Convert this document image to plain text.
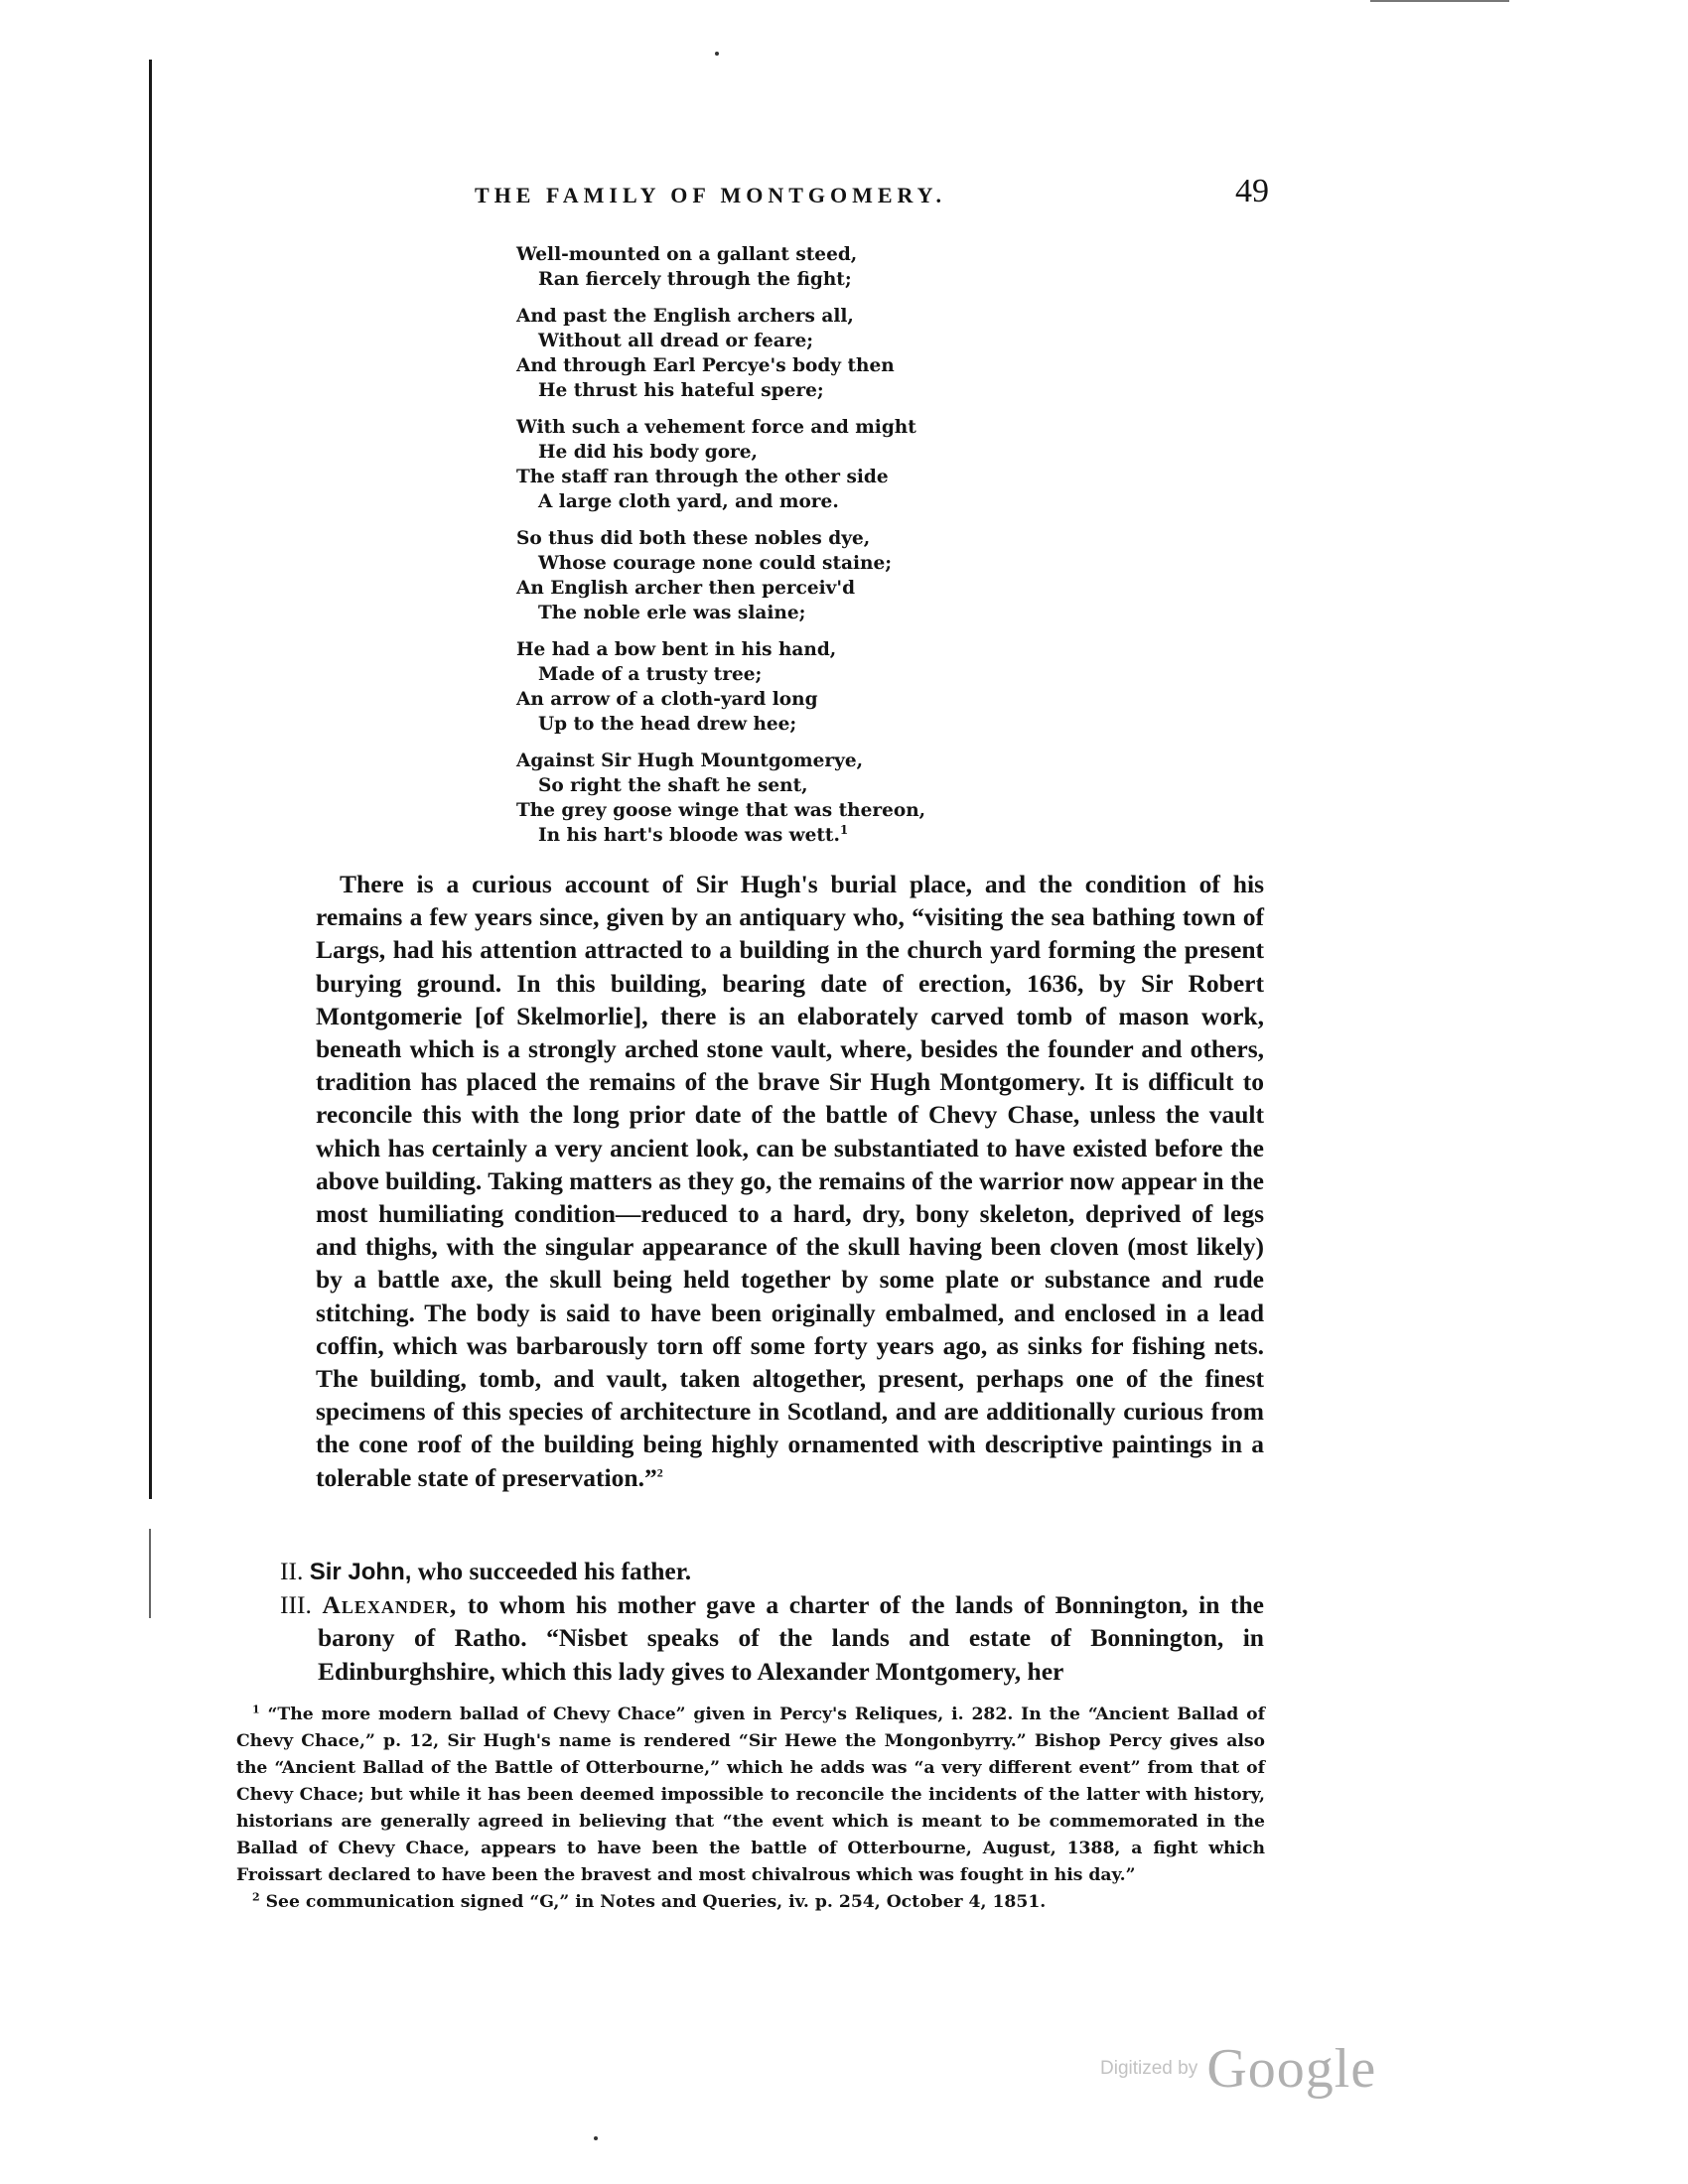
THE FAMILY OF MONTGOMERY.	49
Well-mounted on a gallant steed,
Ran fiercely through the fight;
And past the English archers all,
Without all dread or feare;
And through Earl Percye's body then
He thrust his hateful spere;
With such a vehement force and might
He did his body gore,
The staff ran through the other side
A large cloth yard, and more.
So thus did both these nobles dye,
Whose courage none could staine;
An English archer then perceiv'd
The noble erle was slaine;
He had a bow bent in his hand,
Made of a trusty tree;
An arrow of a cloth-yard long
Up to the head drew hee;
Against Sir Hugh Mountgomerye,
So right the shaft he sent,
The grey goose winge that was thereon,
In his hart's bloode was wett.$^1$

There is a curious account of Sir Hugh's burial place, and the condition of his remains a few years since, given by an antiquary who, “visiting the sea bathing town of Largs, had his attention attracted to a building in the church yard forming the present burying ground. In this building, bearing date of erection, 1636, by Sir Robert Montgomerie [of Skelmorlie], there is an elaborately carved tomb of mason work, beneath which is a strongly arched stone vault, where, besides the founder and others, tradition has placed the remains of the brave Sir Hugh Montgomery. It is difficult to reconcile this with the long prior date of the battle of Chevy Chase, unless the vault which has certainly a very ancient look, can be substantiated to have existed before the above building. Taking matters as they go, the remains of the warrior now appear in the most humiliating condition—reduced to a hard, dry, bony skeleton, deprived of legs and thighs, with the singular appearance of the skull having been cloven (most likely) by a battle axe, the skull being held together by some plate or substance and rude stitching. The body is said to have been originally embalmed, and enclosed in a lead coffin, which was barbarously torn off some forty years ago, as sinks for fishing nets. The building, tomb, and vault, taken altogether, present, perhaps one of the finest specimens of this species of architecture in Scotland, and are additionally curious from the cone roof of the building being highly ornamented with descriptive paintings in a tolerable state of preservation.”$^2$

II. Sir John, who succeeded his father.
III. Alexander, to whom his mother gave a charter of the lands of Bonnington, in the barony of Ratho. “Nisbet speaks of the lands and estate of Bonnington, in Edinburghshire, which this lady gives to Alexander Montgomery, her

$^1$ “The more modern ballad of Chevy Chace” given in Percy's Reliques, i. 282. In the “Ancient Ballad of Chevy Chace,” p. 12, Sir Hugh's name is rendered “Sir Hewe the Mongonbyrry.” Bishop Percy gives also the “Ancient Ballad of the Battle of Otterbourne,” which he adds was “a very different event” from that of Chevy Chace; but while it has been deemed impossible to reconcile the incidents of the latter with history, historians are generally agreed in believing that “the event which is meant to be commemorated in the Ballad of Chevy Chace, appears to have been the battle of Otterbourne, August, 1388, a fight which Froissart declared to have been the bravest and most chivalrous which was fought in his day.”

$^2$ See communication signed “G,” in Notes and Queries, iv. p. 254, October 4, 1851.

Digitized by Google
